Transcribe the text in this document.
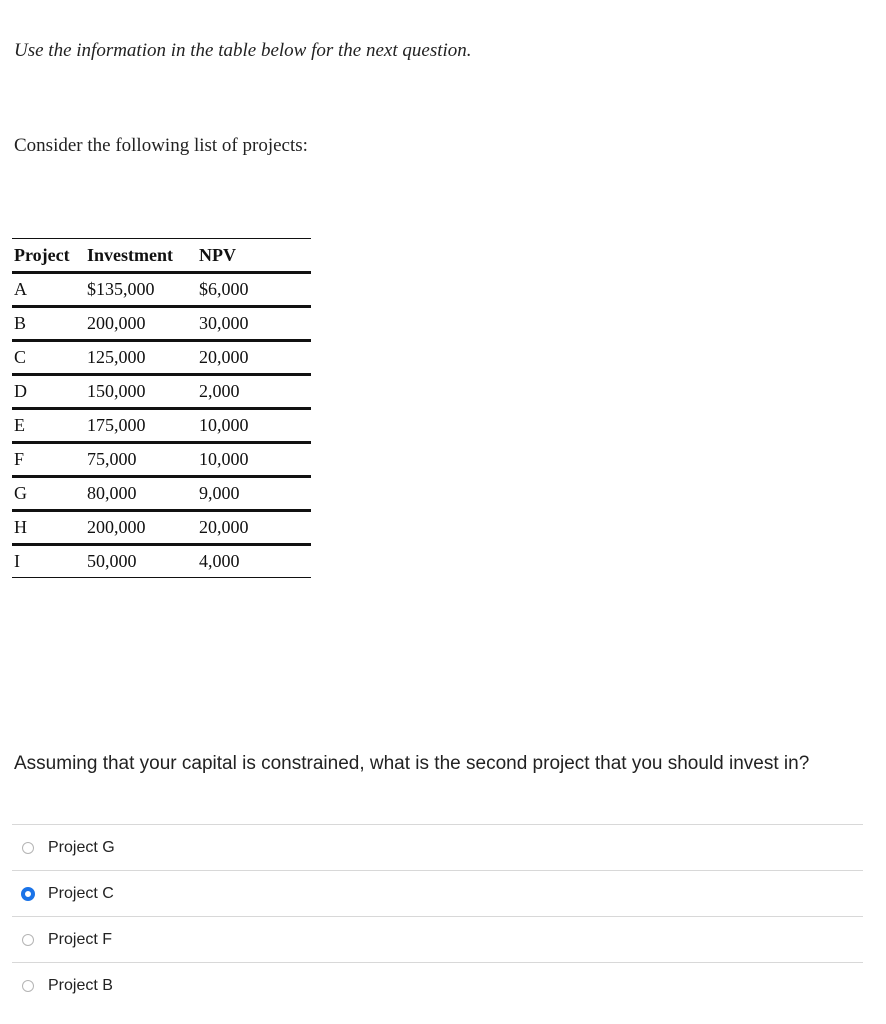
Use the information in the table below for the next question.
Consider the following list of projects:
Project	Investment	NPV
A	$135,000	$6,000
B	200,000	30,000
C	125,000	20,000
D	150,000	2,000
E	175,000	10,000
F	75,000	10,000
G	80,000	9,000
H	200,000	20,000
I	50,000	4,000
Assuming that your capital is constrained, what is the second project that you should invest in?
Project G
Project C
Project F
Project B
